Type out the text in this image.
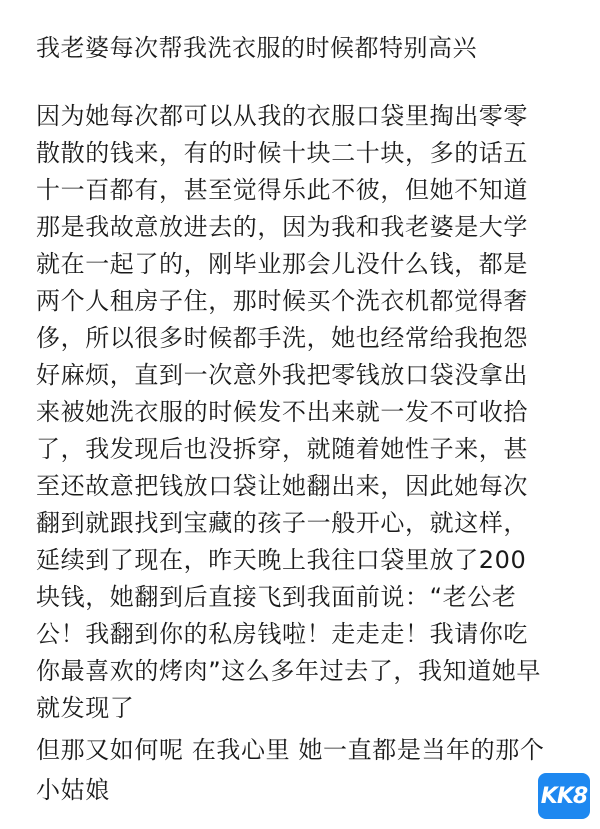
我老婆每次帮我洗衣服的时候都特别高兴
因为她每次都可以从我的衣服口袋里掏出零零
散散的钱来，有的时候十块二十块，多的话五
十一百都有，甚至觉得乐此不彼，但她不知道
那是我故意放进去的，因为我和我老婆是大学
就在一起了的，刚毕业那会儿没什么钱，都是
两个人租房子住，那时候买个洗衣机都觉得奢
侈，所以很多时候都手洗，她也经常给我抱怨
好麻烦，直到一次意外我把零钱放口袋没拿出
来被她洗衣服的时候发不出来就一发不可收拾
了，我发现后也没拆穿，就随着她性子来，甚
至还故意把钱放口袋让她翻出来，因此她每次
翻到就跟找到宝藏的孩子一般开心，就这样，
延续到了现在，昨天晚上我往口袋里放了200
块钱，她翻到后直接飞到我面前说：“老公老
公！我翻到你的私房钱啦！走走走！我请你吃
你最喜欢的烤肉”这么多年过去了，我知道她早
就发现了
但那又如何呢 在我心里 她一直都是当年的那个
小姑娘	KK8
